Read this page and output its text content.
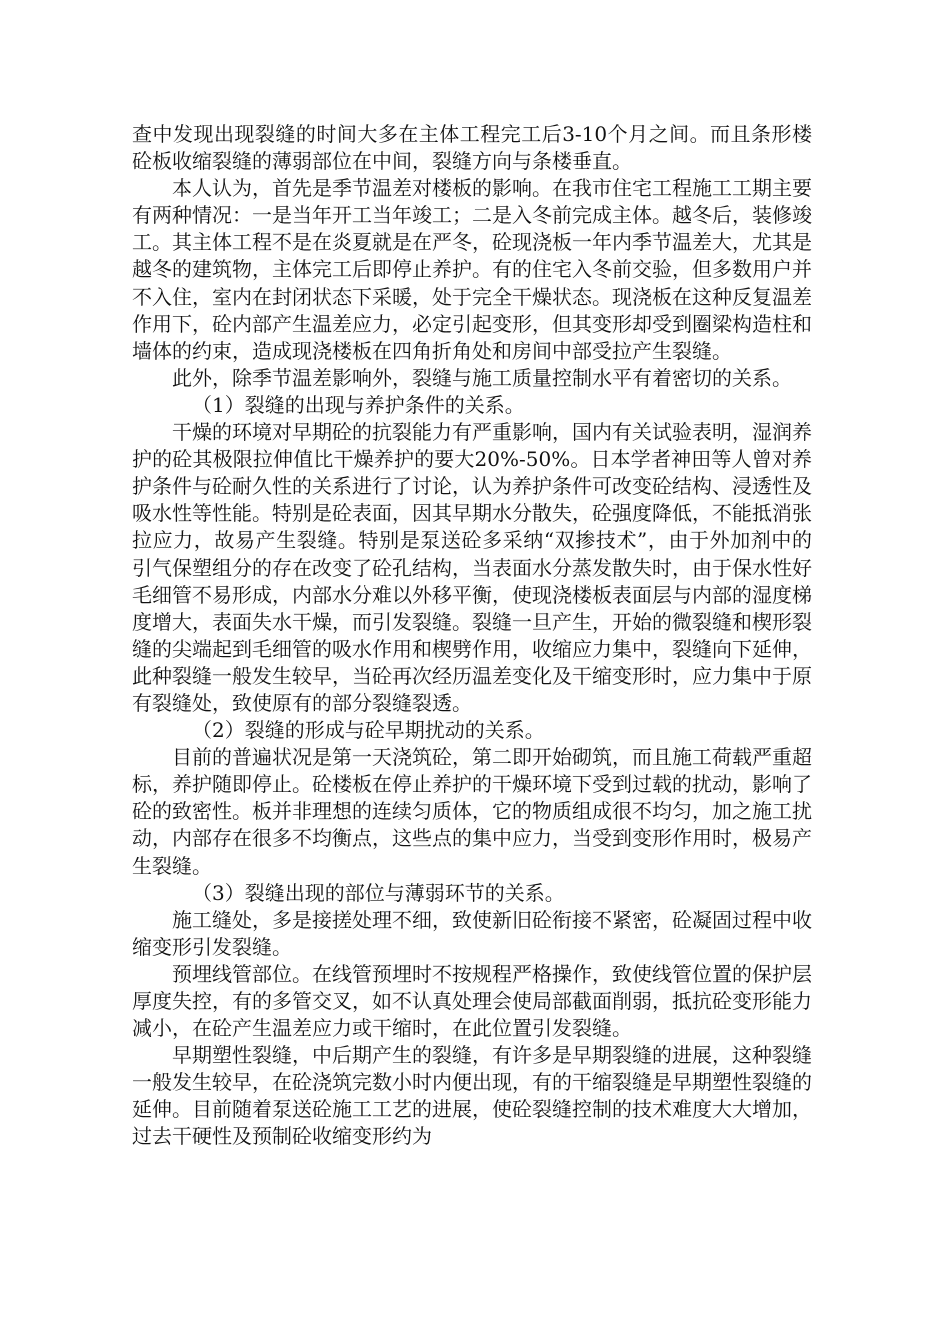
查中发现出现裂缝的时间大多在主体工程完工后3-10个月之间。而且条形楼砼板收缩裂缝的薄弱部位在中间，裂缝方向与条楼垂直。

本人认为，首先是季节温差对楼板的影响。在我市住宅工程施工工期主要有两种情况：一是当年开工当年竣工；二是入冬前完成主体。越冬后，装修竣工。其主体工程不是在炎夏就是在严冬，砼现浇板一年内季节温差大，尤其是越冬的建筑物，主体完工后即停止养护。有的住宅入冬前交验，但多数用户并不入住，室内在封闭状态下采暖，处于完全干燥状态。现浇板在这种反复温差作用下，砼内部产生温差应力，必定引起变形，但其变形却受到圈梁构造柱和墙体的约束，造成现浇楼板在四角折角处和房间中部受拉产生裂缝。

此外，除季节温差影响外，裂缝与施工质量控制水平有着密切的关系。

（1）裂缝的出现与养护条件的关系。

干燥的环境对早期砼的抗裂能力有严重影响，国内有关试验表明，湿润养护的砼其极限拉伸值比干燥养护的要大20%-50%。日本学者神田等人曾对养护条件与砼耐久性的关系进行了讨论，认为养护条件可改变砼结构、浸透性及吸水性等性能。特别是砼表面，因其早期水分散失，砼强度降低，不能抵消张拉应力，故易产生裂缝。特别是泵送砼多采纳“双掺技术”，由于外加剂中的引气保塑组分的存在改变了砼孔结构，当表面水分蒸发散失时，由于保水性好毛细管不易形成，内部水分难以外移平衡，使现浇楼板表面层与内部的湿度梯度增大，表面失水干燥，而引发裂缝。裂缝一旦产生，开始的微裂缝和楔形裂缝的尖端起到毛细管的吸水作用和楔劈作用，收缩应力集中，裂缝向下延伸，此种裂缝一般发生较早，当砼再次经历温差变化及干缩变形时，应力集中于原有裂缝处，致使原有的部分裂缝裂透。

（2）裂缝的形成与砼早期扰动的关系。

目前的普遍状况是第一天浇筑砼，第二即开始砌筑，而且施工荷载严重超标，养护随即停止。砼楼板在停止养护的干燥环境下受到过载的扰动，影响了砼的致密性。板并非理想的连续匀质体，它的物质组成很不均匀，加之施工扰动，内部存在很多不均衡点，这些点的集中应力，当受到变形作用时，极易产生裂缝。

（3）裂缝出现的部位与薄弱环节的关系。

施工缝处，多是接搓处理不细，致使新旧砼衔接不紧密，砼凝固过程中收缩变形引发裂缝。

预埋线管部位。在线管预埋时不按规程严格操作，致使线管位置的保护层厚度失控，有的多管交叉，如不认真处理会使局部截面削弱，抵抗砼变形能力减小，在砼产生温差应力或干缩时，在此位置引发裂缝。

早期塑性裂缝，中后期产生的裂缝，有许多是早期裂缝的进展，这种裂缝一般发生较早，在砼浇筑完数小时内便出现，有的干缩裂缝是早期塑性裂缝的延伸。目前随着泵送砼施工工艺的进展，使砼裂缝控制的技术难度大大增加，过去干硬性及预制砼收缩变形约为
